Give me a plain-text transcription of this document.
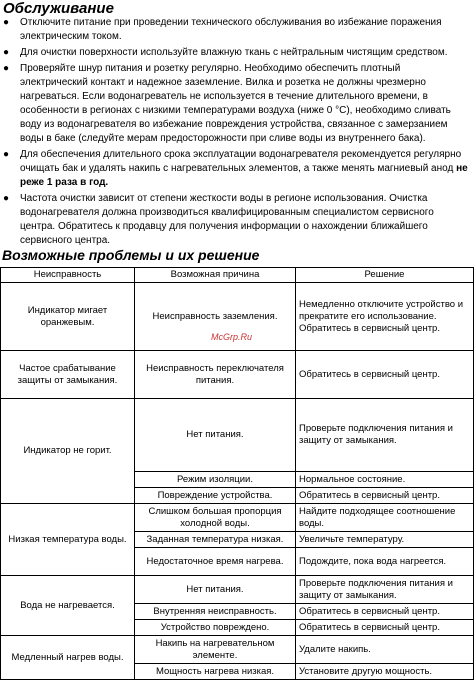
Обслуживание
●	Отключите питание при проведении технического обслуживания во избежание поражения электрическим током.
●	Для очистки поверхности используйте влажную ткань с нейтральным чистящим средством.
●	Проверяйте шнур питания и розетку регулярно. Необходимо обеспечить плотный электрический контакт и надежное заземление. Вилка и розетка не должны чрезмерно нагреваться. Если водонагреватель не используется в течение длительного времени, в особенности в регионах с низкими температурами воздуха (ниже 0 °C), необходимо сливать воду из водонагревателя во избежание повреждения устройства, связанное с замерзанием воды в баке (следуйте мерам предосторожности при сливе воды из внутреннего бака).
●	Для обеспечения длительного срока эксплуатации водонагревателя рекомендуется регулярно очищать бак и удалять накипь с нагревательных элементов, а также менять магниевый анод не реже 1 раза в год.
●	Частота очистки зависит от степени жесткости воды в регионе использования. Очистка водонагревателя должна производиться квалифицированным специалистом сервисного центра. Обратитесь к продавцу для получения информации о нахождении ближайшего сервисного центра.
Возможные проблемы и их решение
Неисправность	Возможная причина	Решение
Индикатор мигает оранжевым.	Неисправность заземления.	Немедленно отключите устройство и прекратите его использование. Обратитесь в сервисный центр.
Частое срабатывание защиты от замыкания.	Неисправность переключателя питания.	Обратитесь в сервисный центр.
Индикатор не горит.	Нет питания.	Проверьте подключения питания и защиту от замыкания.
	Режим изоляции.	Нормальное состояние.
	Повреждение устройства.	Обратитесь в сервисный центр.
Низкая температура воды.	Слишком большая пропорция холодной воды.	Найдите подходящее соотношение воды.
	Заданная температура низкая.	Увеличьте температуру.
	Недостаточное время нагрева.	Подождите, пока вода нагреется.
Вода не нагревается.	Нет питания.	Проверьте подключения питания и защиту от замыкания.
	Внутренняя неисправность.	Обратитесь в сервисный центр.
	Устройство повреждено.	Обратитесь в сервисный центр.
Медленный нагрев воды.	Накипь на нагревательном элементе.	Удалите накипь.
	Мощность нагрева низкая.	Установите другую мощность.
McGrp.Ru
